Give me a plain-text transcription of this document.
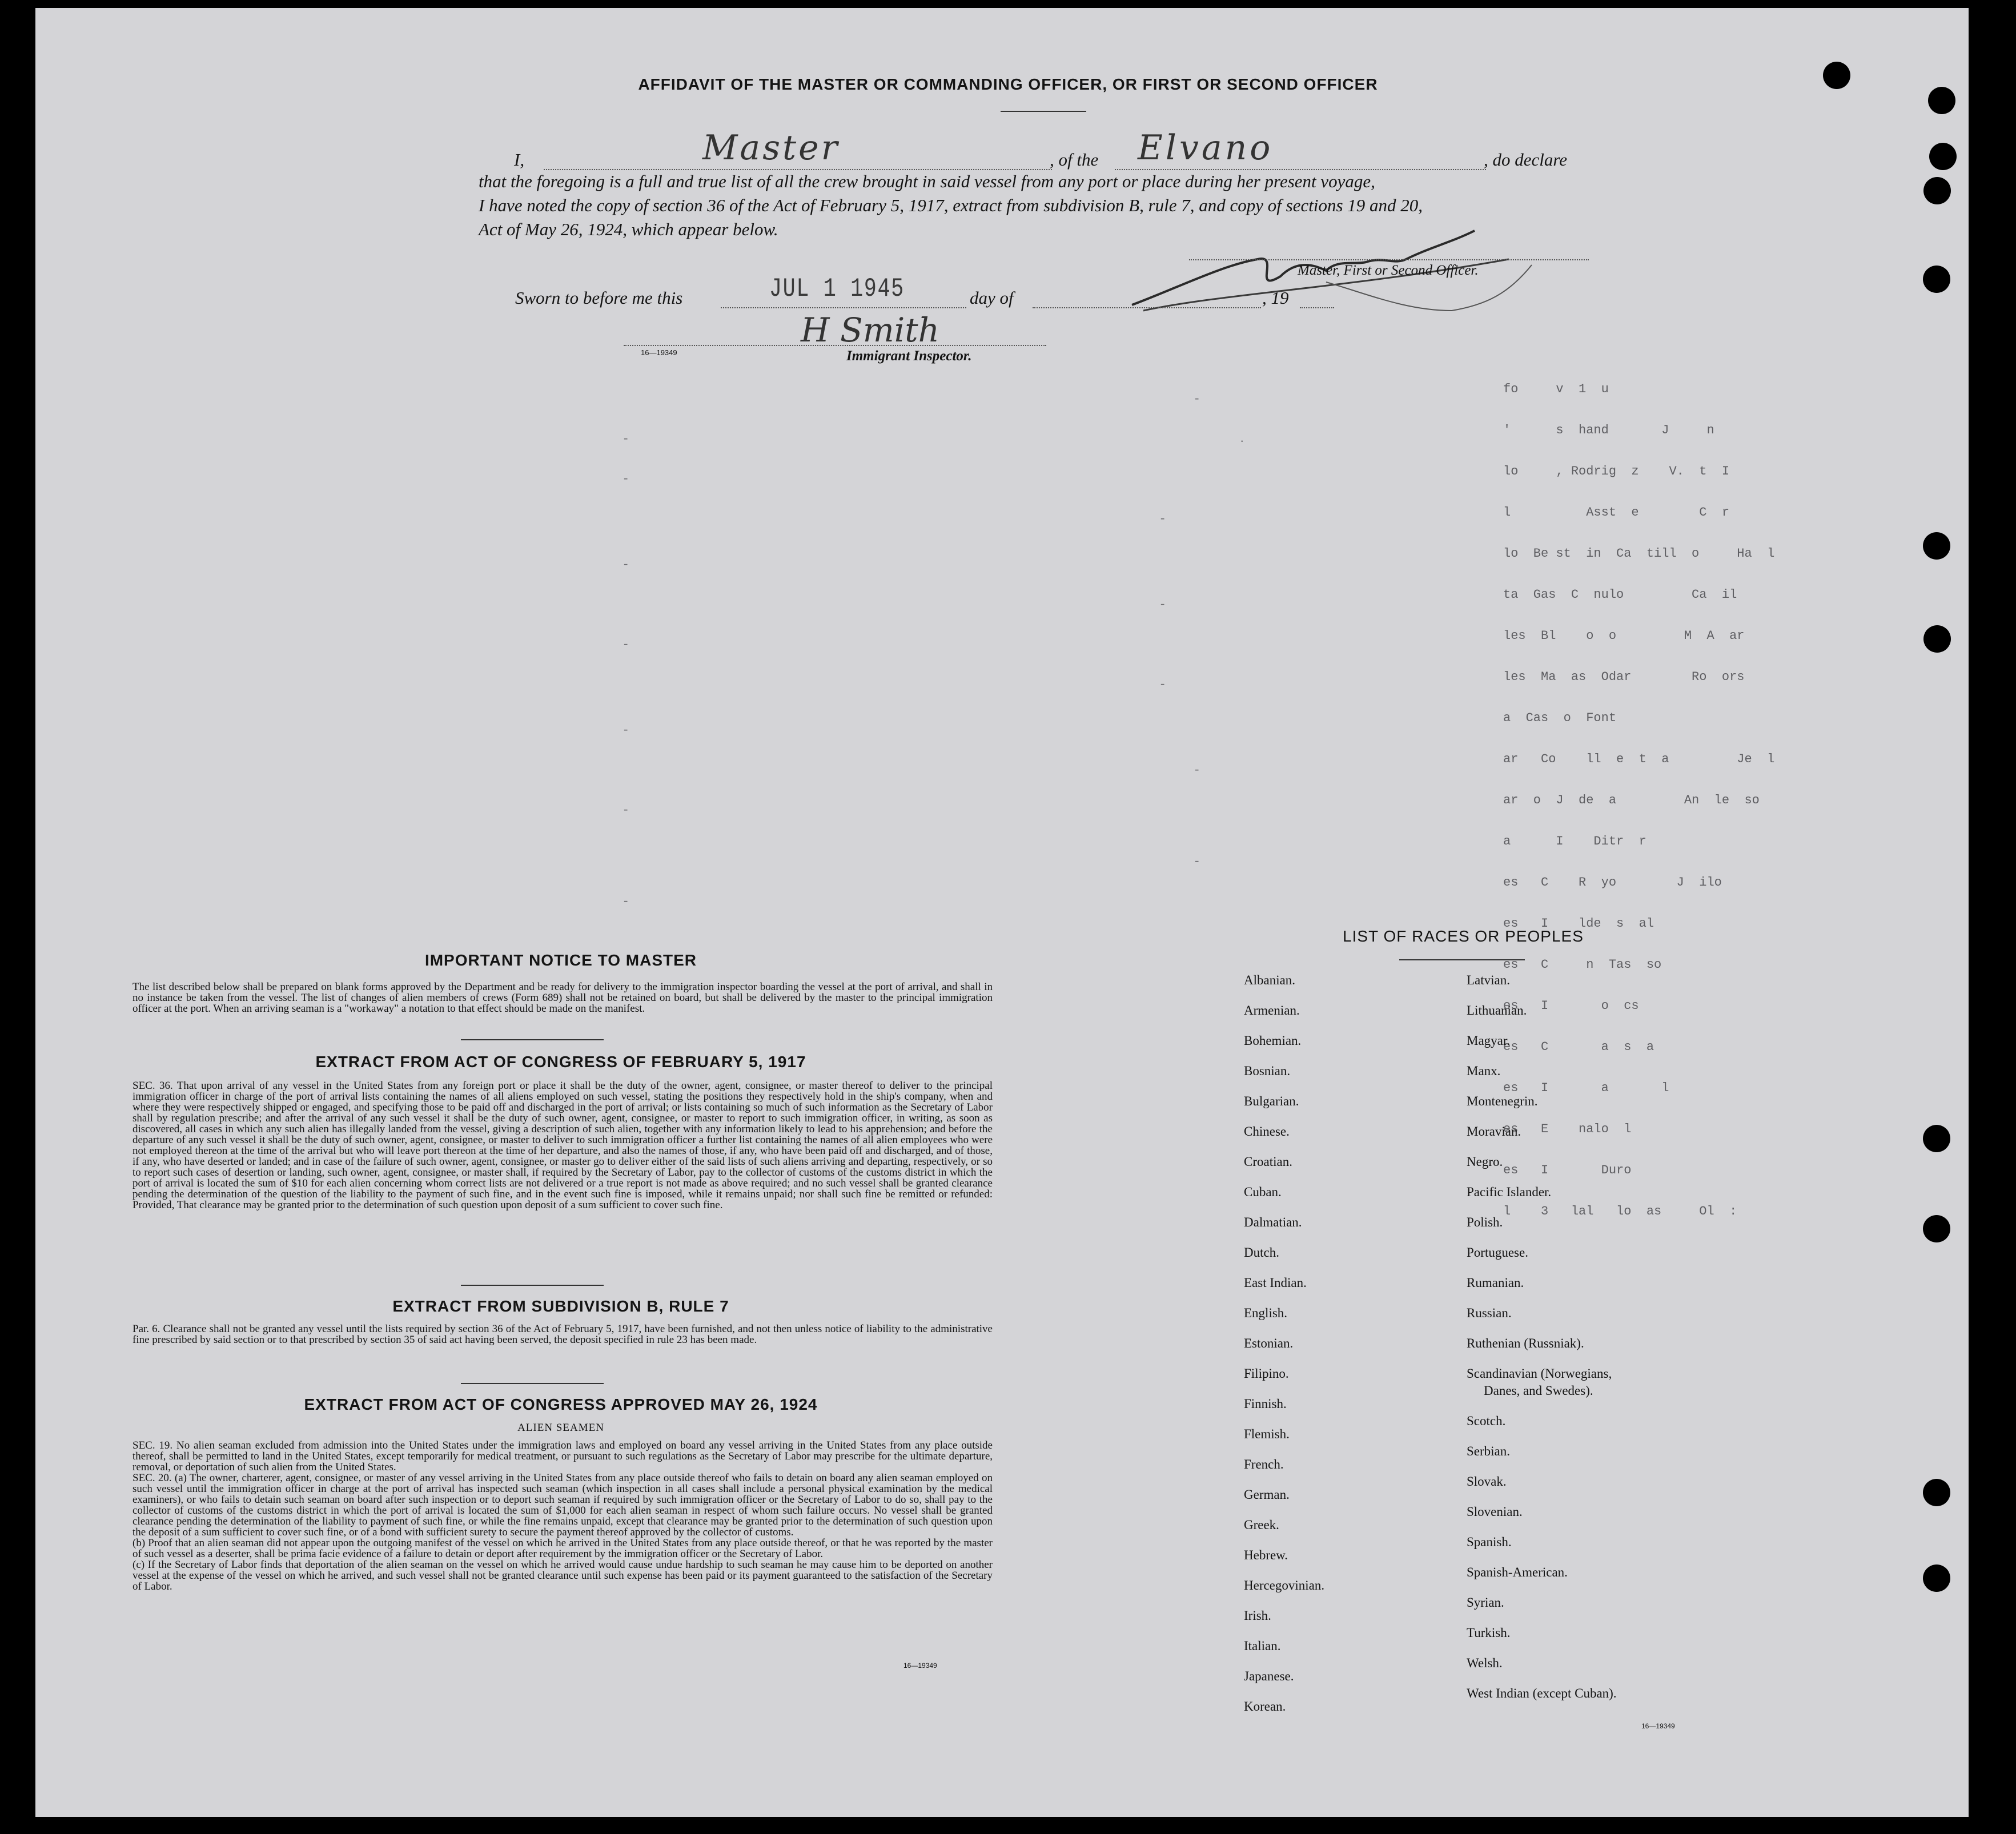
AFFIDAVIT OF THE MASTER OR COMMANDING OFFICER, OR FIRST OR SECOND OFFICER
I,	Master	, of the Elvano	, do declare
that the foregoing is a full and true list of all the crew brought in said vessel from any port or place during her present voyage,
I have noted the copy of section 36 of the Act of February 5, 1917, extract from subdivision B, rule 7, and copy of sections 19 and 20,
Act of May 26, 1924, which appear below.
Master, First or Second Officer.
Sworn to before me this	JUL 1 1945	day of	, 19
H Smith
16—19349	Immigrant Inspector.
fo     v  1  u
'      s  hand       J     n
lo     , Rodrig  z    V.  t  I
l          Asst  e        C  r
lo  Be st  in  Ca  till  o     Ha  l
ta  Gas  C  nulo         Ca  il
les  Bl    o  o         M  A  ar
les  Ma  as  Odar        Ro  ors
a  Cas  o  Font
ar   Co    ll  e  t  a         Je  l
ar  o  J  de  a         An  le  so
a      I    Ditr  r
es   C    R  yo        J  ilo
es   I    lde  s  al
es   C     n  Tas  so
es   I       o  cs
es   C       a  s  a
es   I       a       l
es   E    nalo  l
es   I       Duro
l    3   lal   lo  as     Ol  :
-
-	.
-
-
-
-
-
-
-
-
-
-
-
IMPORTANT NOTICE TO MASTER
The list described below shall be prepared on blank forms approved by the Department and be ready for delivery to the immigration inspector boarding the vessel at the port of arrival, and shall in no instance be taken from the vessel. The list of changes of alien members of crews (Form 689) shall not be retained on board, but shall be delivered by the master to the principal immigration officer at the port. When an arriving seaman is a "workaway" a notation to that effect should be made on the manifest.
EXTRACT FROM ACT OF CONGRESS OF FEBRUARY 5, 1917
SEC. 36. That upon arrival of any vessel in the United States from any foreign port or place it shall be the duty of the owner, agent, consignee, or master thereof to deliver to the principal immigration officer in charge of the port of arrival lists containing the names of all aliens employed on such vessel, stating the positions they respectively hold in the ship's company, when and where they were respectively shipped or engaged, and specifying those to be paid off and discharged in the port of arrival; or lists containing so much of such information as the Secretary of Labor shall by regulation prescribe; and after the arrival of any such vessel it shall be the duty of such owner, agent, consignee, or master to report to such immigration officer, in writing, as soon as discovered, all cases in which any such alien has illegally landed from the vessel, giving a description of such alien, together with any information likely to lead to his apprehension; and before the departure of any such vessel it shall be the duty of such owner, agent, consignee, or master to deliver to such immigration officer a further list containing the names of all alien employees who were not employed thereon at the time of the arrival but who will leave port thereon at the time of her departure, and also the names of those, if any, who have been paid off and discharged, and of those, if any, who have deserted or landed; and in case of the failure of such owner, agent, consignee, or master go to deliver either of the said lists of such aliens arriving and departing, respectively, or so to report such cases of desertion or landing, such owner, agent, consignee, or master shall, if required by the Secretary of Labor, pay to the collector of customs of the customs district in which the port of arrival is located the sum of $10 for each alien concerning whom correct lists are not delivered or a true report is not made as above required; and no such vessel shall be granted clearance pending the determination of the question of the liability to the payment of such fine, and in the event such fine is imposed, while it remains unpaid; nor shall such fine be remitted or refunded: Provided, That clearance may be granted prior to the determination of such question upon deposit of a sum sufficient to cover such fine.
EXTRACT FROM SUBDIVISION B, RULE 7
Par. 6. Clearance shall not be granted any vessel until the lists required by section 36 of the Act of February 5, 1917, have been furnished, and not then unless notice of liability to the administrative fine prescribed by said section or to that prescribed by section 35 of said act having been served, the deposit specified in rule 23 has been made.
EXTRACT FROM ACT OF CONGRESS APPROVED MAY 26, 1924
ALIEN SEAMEN
SEC. 19. No alien seaman excluded from admission into the United States under the immigration laws and employed on board any vessel arriving in the United States from any place outside thereof, shall be permitted to land in the United States, except temporarily for medical treatment, or pursuant to such regulations as the Secretary of Labor may prescribe for the ultimate departure, removal, or deportation of such alien from the United States.
SEC. 20. (a) The owner, charterer, agent, consignee, or master of any vessel arriving in the United States from any place outside thereof who fails to detain on board any alien seaman employed on such vessel until the immigration officer in charge at the port of arrival has inspected such seaman (which inspection in all cases shall include a personal physical examination by the medical examiners), or who fails to detain such seaman on board after such inspection or to deport such seaman if required by such immigration officer or the Secretary of Labor to do so, shall pay to the collector of customs of the customs district in which the port of arrival is located the sum of $1,000 for each alien seaman in respect of whom such failure occurs. No vessel shall be granted clearance pending the determination of the liability to payment of such fine, or while the fine remains unpaid, except that clearance may be granted prior to the determination of such question upon the deposit of a sum sufficient to cover such fine, or of a bond with sufficient surety to secure the payment thereof approved by the collector of customs.
(b) Proof that an alien seaman did not appear upon the outgoing manifest of the vessel on which he arrived in the United States from any place outside thereof, or that he was reported by the master of such vessel as a deserter, shall be prima facie evidence of a failure to detain or deport after requirement by the immigration officer or the Secretary of Labor.
(c) If the Secretary of Labor finds that deportation of the alien seaman on the vessel on which he arrived would cause undue hardship to such seaman he may cause him to be deported on another vessel at the expense of the vessel on which he arrived, and such vessel shall not be granted clearance until such expense has been paid or its payment guaranteed to the satisfaction of the Secretary of Labor.
16—19349
LIST OF RACES OR PEOPLES
Albanian.
Armenian.
Bohemian.
Bosnian.
Bulgarian.
Chinese.
Croatian.
Cuban.
Dalmatian.
Dutch.
East Indian.
English.
Estonian.
Filipino.
Finnish.
Flemish.
French.
German.
Greek.
Hebrew.
Hercegovinian.
Irish.
Italian.
Japanese.
Korean.
Latvian.
Lithuanian.
Magyar.
Manx.
Montenegrin.
Moravian.
Negro.
Pacific Islander.
Polish.
Portuguese.
Rumanian.
Russian.
Ruthenian (Russniak).
Scandinavian (Norwegians,
Danes, and Swedes).
Scotch.
Serbian.
Slovak.
Slovenian.
Spanish.
Spanish-American.
Syrian.
Turkish.
Welsh.
West Indian (except Cuban).
16—19349
